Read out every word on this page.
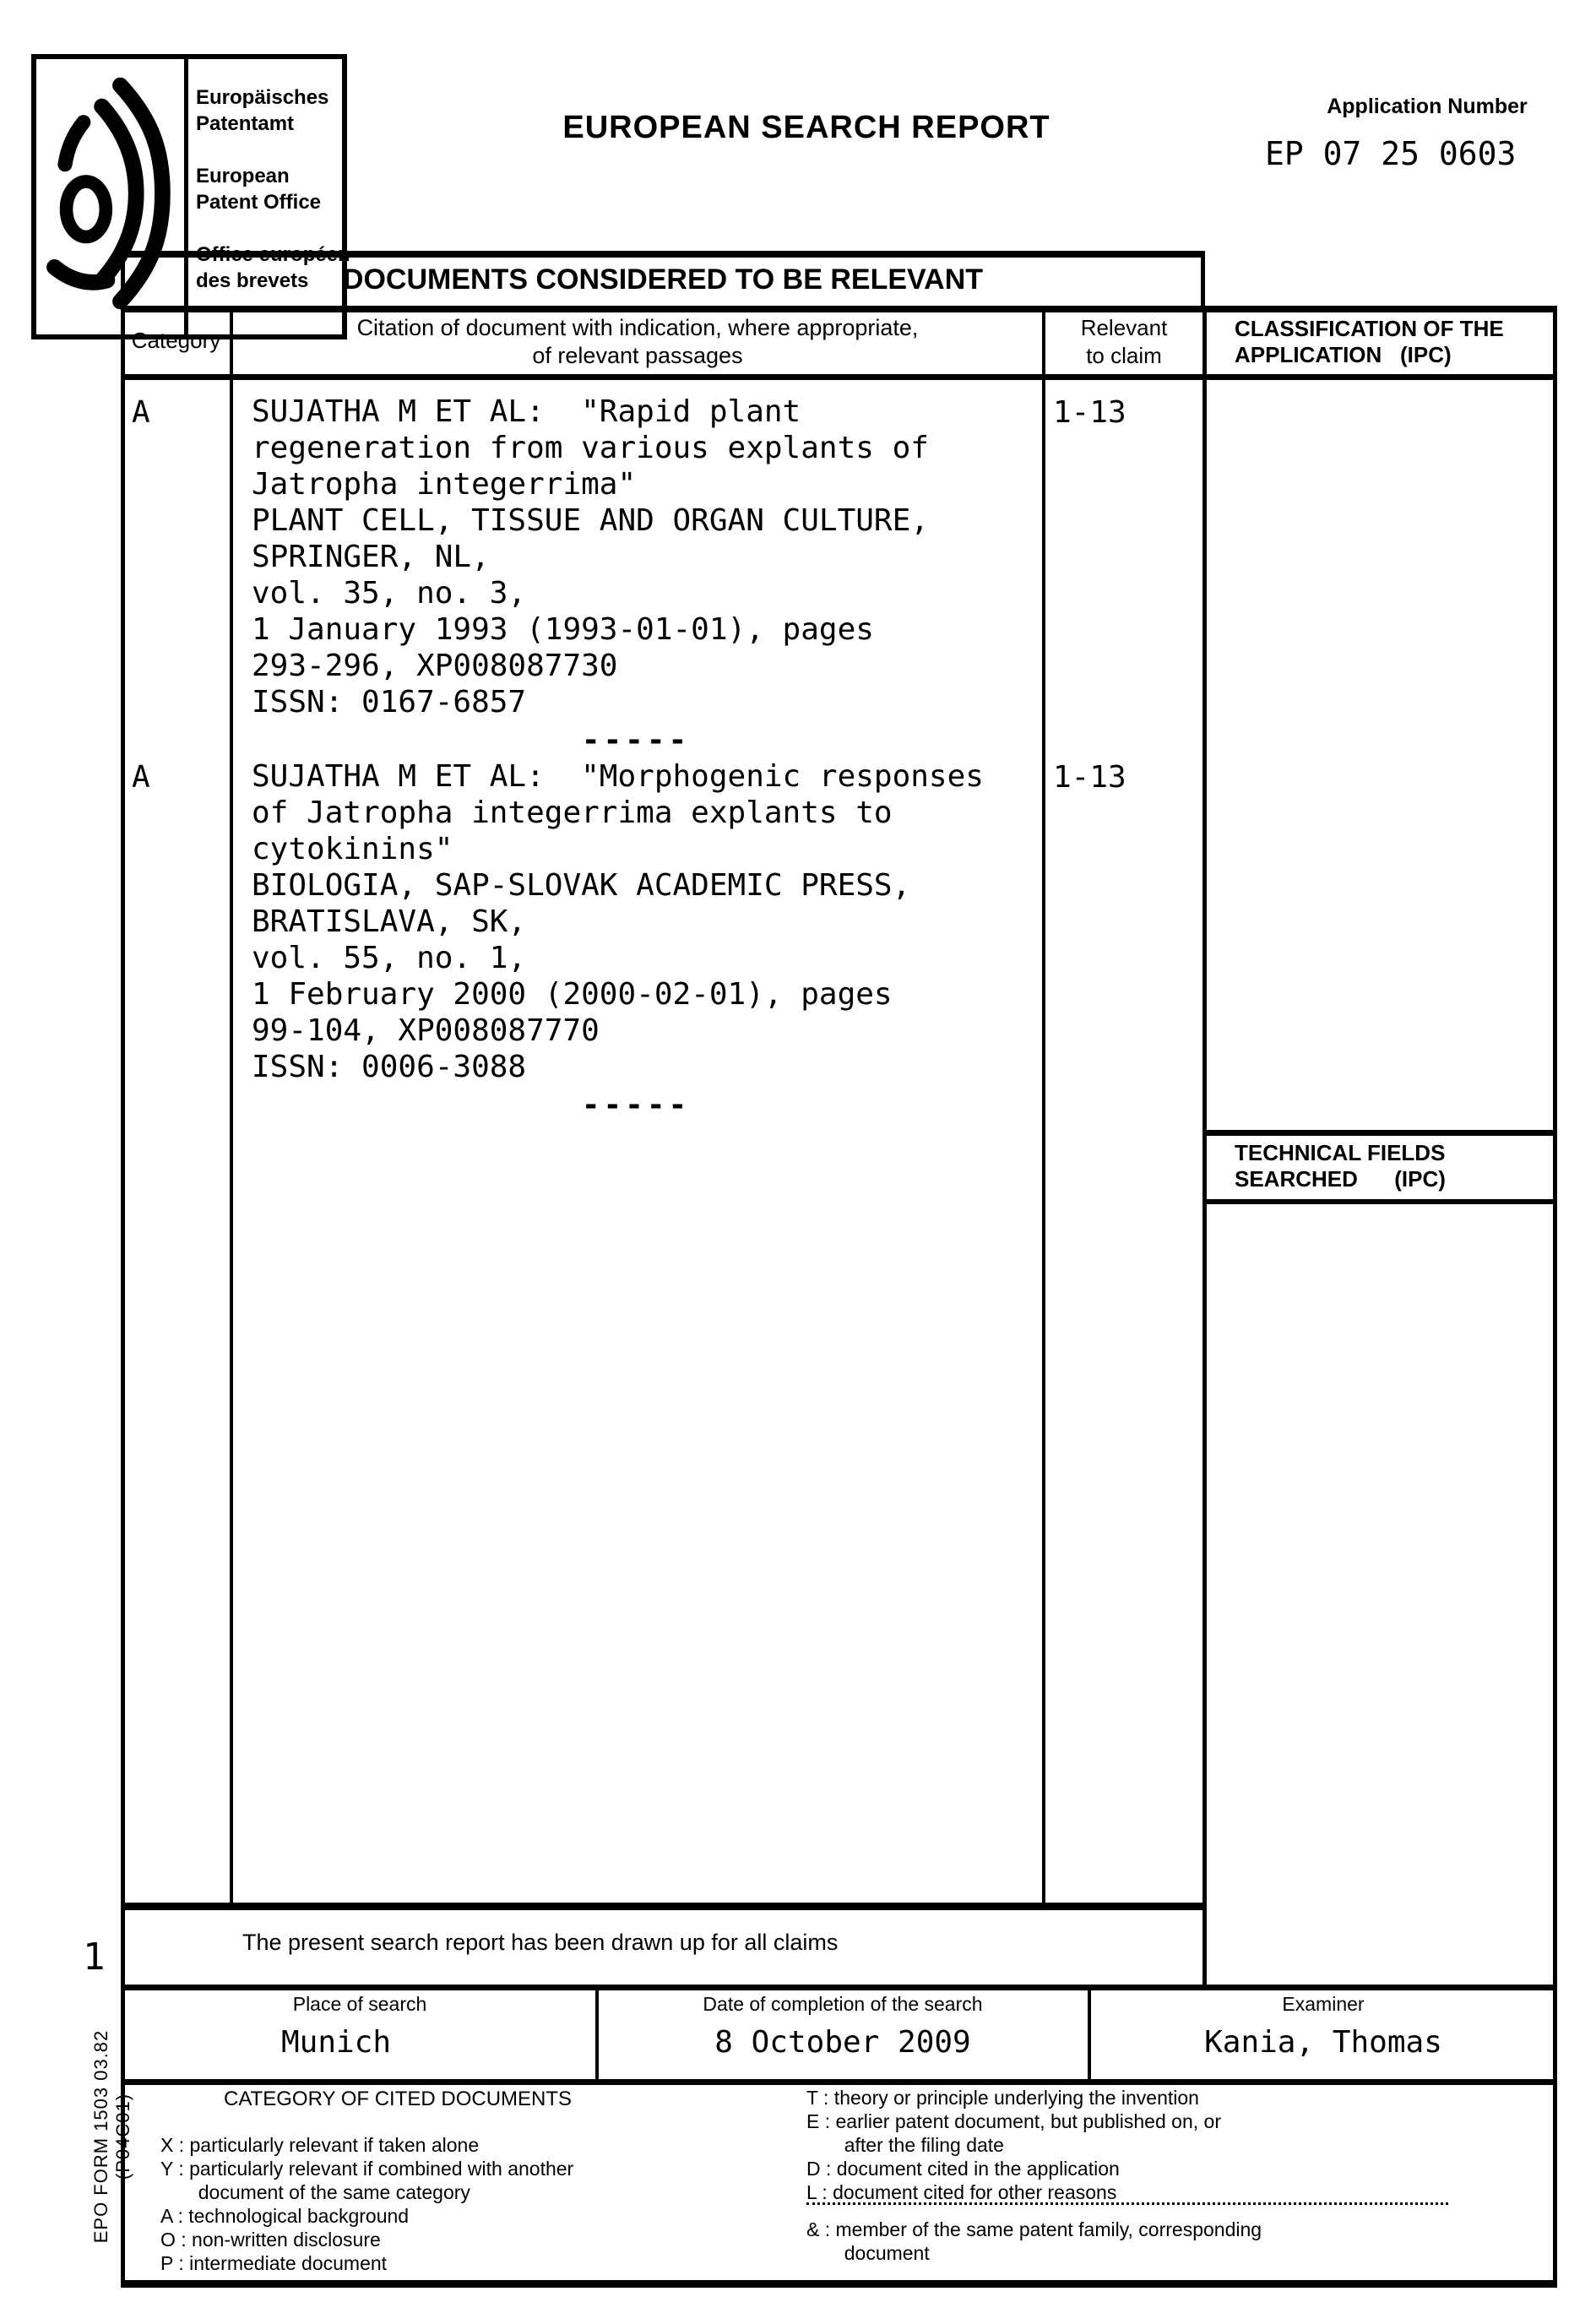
Europäisches
Patentamt

European
Patent Office

des brevets
EUROPEAN SEARCH REPORT
Application Number
EP 07 25 0603
DOCUMENTS CONSIDERED TO BE RELEVANT
Category	Citation of document with indication, where appropriate,
of relevant passages
Relevant
to claim
CLASSIFICATION OF THE
APPLICATION   (IPC)
TECHNICAL FIELDS
SEARCHED      (IPC)
A	SUJATHA M ET AL:  "Rapid plant
regeneration from various explants of
Jatropha integerrima"
PLANT CELL, TISSUE AND ORGAN CULTURE,
SPRINGER, NL,
vol. 35, no. 3,
1 January 1993 (1993-01-01), pages
293-296, XP008087730
ISSN: 0167-6857
1-13
-----
A	SUJATHA M ET AL:  "Morphogenic responses
of Jatropha integerrima explants to
cytokinins"
BIOLOGIA, SAP-SLOVAK ACADEMIC PRESS,
BRATISLAVA, SK,
vol. 55, no. 1,
1 February 2000 (2000-02-01), pages
99-104, XP008087770
ISSN: 0006-3088
1-13
-----
The present search report has been drawn up for all claims
1
Place of search
Munich
Date of completion of the search
8 October 2009
Examiner
Kania, Thomas
CATEGORY OF CITED DOCUMENTS
X : particularly relevant if taken alone
Y : particularly relevant if combined with another
document of the same category
A : technological background
O : non-written disclosure
P : intermediate document
T : theory or principle underlying the invention
E : earlier patent document, but published on, or
after the filing date
D : document cited in the application
L : document cited for other reasons
& : member of the same patent family, corresponding
document
EPO FORM 1503 03.82 (P04C01)
